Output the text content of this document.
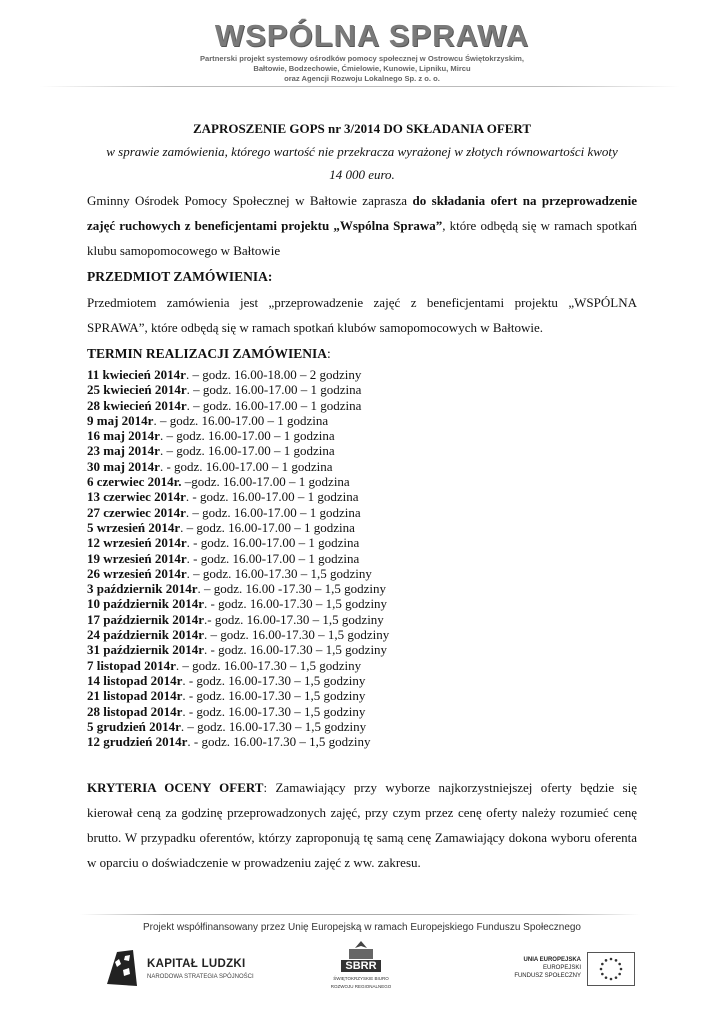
WSPÓLNA SPRAWA
Partnerski projekt systemowy ośrodków pomocy społecznej w Ostrowcu Świętokrzyskim,
Bałtowie, Bodzechowie, Ćmielowie, Kunowie, Lipniku, Mircu
oraz Agencji Rozwoju Lokalnego Sp. z o. o.
ZAPROSZENIE GOPS nr 3/2014 DO SKŁADANIA OFERT
w sprawie zamówienia, którego wartość nie przekracza wyrażonej w złotych równowartości kwoty
14 000 euro.
Gminny Ośrodek Pomocy Społecznej w Bałtowie zaprasza do składania ofert na przeprowadzenie zajęć ruchowych z beneficjentami projektu „Wspólna Sprawa”, które odbędą się w ramach spotkań klubu samopomocowego w Bałtowie
PRZEDMIOT ZAMÓWIENIA:
Przedmiotem zamówienia jest „przeprowadzenie zajęć z beneficjentami projektu „WSPÓLNA SPRAWA”, które odbędą się w ramach spotkań klubów samopomocowych w Bałtowie.
TERMIN REALIZACJI ZAMÓWIENIA:
11 kwiecień 2014r. – godz. 16.00-18.00 – 2 godziny
25 kwiecień 2014r. – godz. 16.00-17.00 – 1 godzina
28 kwiecień 2014r. – godz. 16.00-17.00 – 1 godzina
9 maj 2014r. – godz. 16.00-17.00 – 1 godzina
16 maj 2014r. – godz. 16.00-17.00 – 1 godzina
23 maj 2014r. – godz. 16.00-17.00 – 1 godzina
30 maj 2014r. - godz. 16.00-17.00 – 1 godzina
6 czerwiec 2014r. –godz. 16.00-17.00 – 1 godzina
13 czerwiec 2014r. - godz. 16.00-17.00 – 1 godzina
27 czerwiec 2014r. – godz. 16.00-17.00 – 1 godzina
5 wrzesień 2014r. – godz. 16.00-17.00 – 1 godzina
12 wrzesień 2014r. - godz. 16.00-17.00 – 1 godzina
19 wrzesień 2014r. - godz. 16.00-17.00 – 1 godzina
26 wrzesień 2014r. – godz. 16.00-17.30 – 1,5 godziny
3 październik 2014r. – godz. 16.00 -17.30 – 1,5 godziny
10 październik 2014r. - godz. 16.00-17.30 – 1,5 godziny
17 październik 2014r.- godz. 16.00-17.30 – 1,5 godziny
24 październik 2014r. – godz. 16.00-17.30 – 1,5 godziny
31 październik 2014r. - godz. 16.00-17.30 – 1,5 godziny
7 listopad 2014r. – godz. 16.00-17.30 – 1,5 godziny
14 listopad 2014r. - godz. 16.00-17.30 – 1,5 godziny
21 listopad 2014r. - godz. 16.00-17.30 – 1,5 godziny
28 listopad 2014r. - godz. 16.00-17.30 – 1,5 godziny
5 grudzień 2014r. – godz. 16.00-17.30 – 1,5 godziny
12 grudzień 2014r. - godz. 16.00-17.30 – 1,5 godziny
KRYTERIA OCENY OFERT: Zamawiający przy wyborze najkorzystniejszej oferty będzie się kierował ceną za godzinę przeprowadzonych zajęć, przy czym przez cenę oferty należy rozumieć cenę brutto. W przypadku oferentów, którzy zaproponują tę samą cenę Zamawiający dokona wyboru oferenta w oparciu o doświadczenie w prowadzeniu zajęć z ww. zakresu.
Projekt współfinansowany przez Unię Europejską w ramach Europejskiego Funduszu Społecznego
KAPITAŁ LUDZKI
NARODOWA STRATEGIA SPÓJNOŚCI
SBRR
ŚWIĘTOKRZYSKIE BIURO
ROZWOJU REGIONALNEGO
UNIA EUROPEJSKA
EUROPEJSKI
FUNDUSZ SPOŁECZNY
